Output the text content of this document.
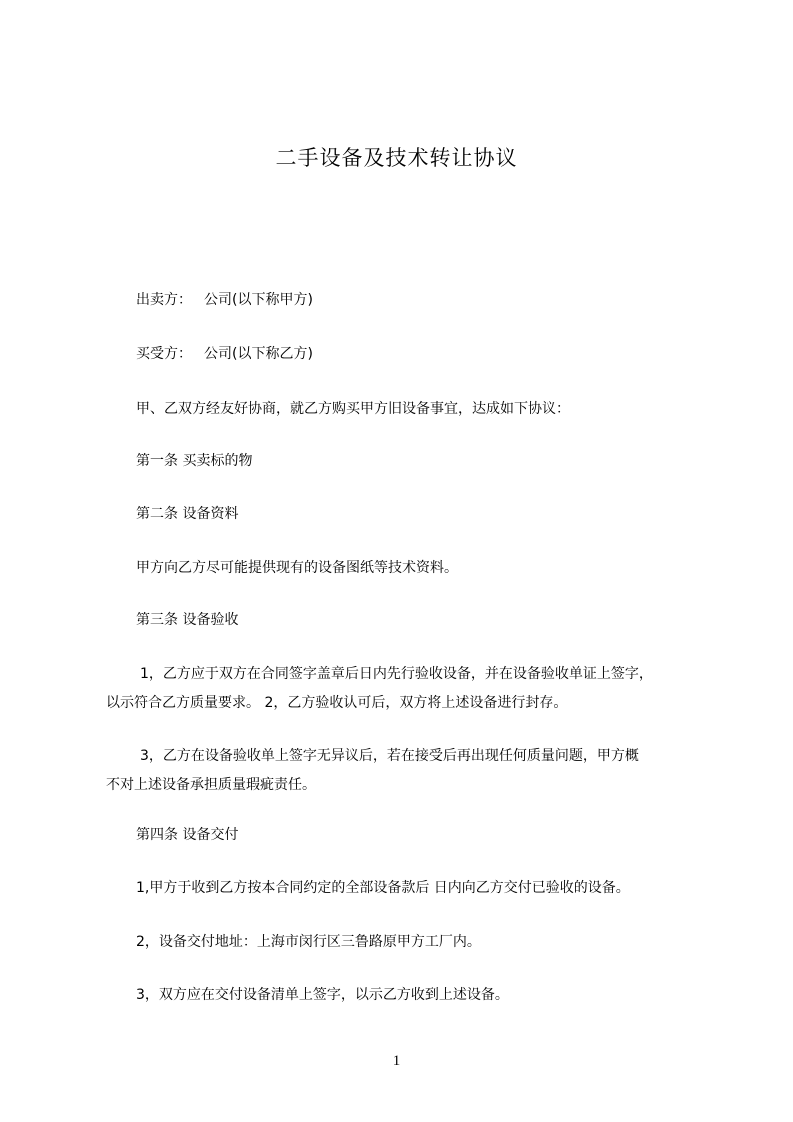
二手设备及技术转让协议
出卖方： 公司(以下称甲方)
买受方： 公司(以下称乙方)
甲、乙双方经友好协商，就乙方购买甲方旧设备事宜，达成如下协议：
第一条 买卖标的物
第二条 设备资料
甲方向乙方尽可能提供现有的设备图纸等技术资料。
第三条 设备验收
1，乙方应于双方在合同签字盖章后日内先行验收设备，并在设备验收单证上签字，
以示符合乙方质量要求。 2，乙方验收认可后，双方将上述设备进行封存。
3，乙方在设备验收单上签字无异议后，若在接受后再出现任何质量问题，甲方概
不对上述设备承担质量瑕疵责任。
第四条 设备交付
1,甲方于收到乙方按本合同约定的全部设备款后 日内向乙方交付已验收的设备。
2，设备交付地址：上海市闵行区三鲁路原甲方工厂内。
3，双方应在交付设备清单上签字，以示乙方收到上述设备。
1
